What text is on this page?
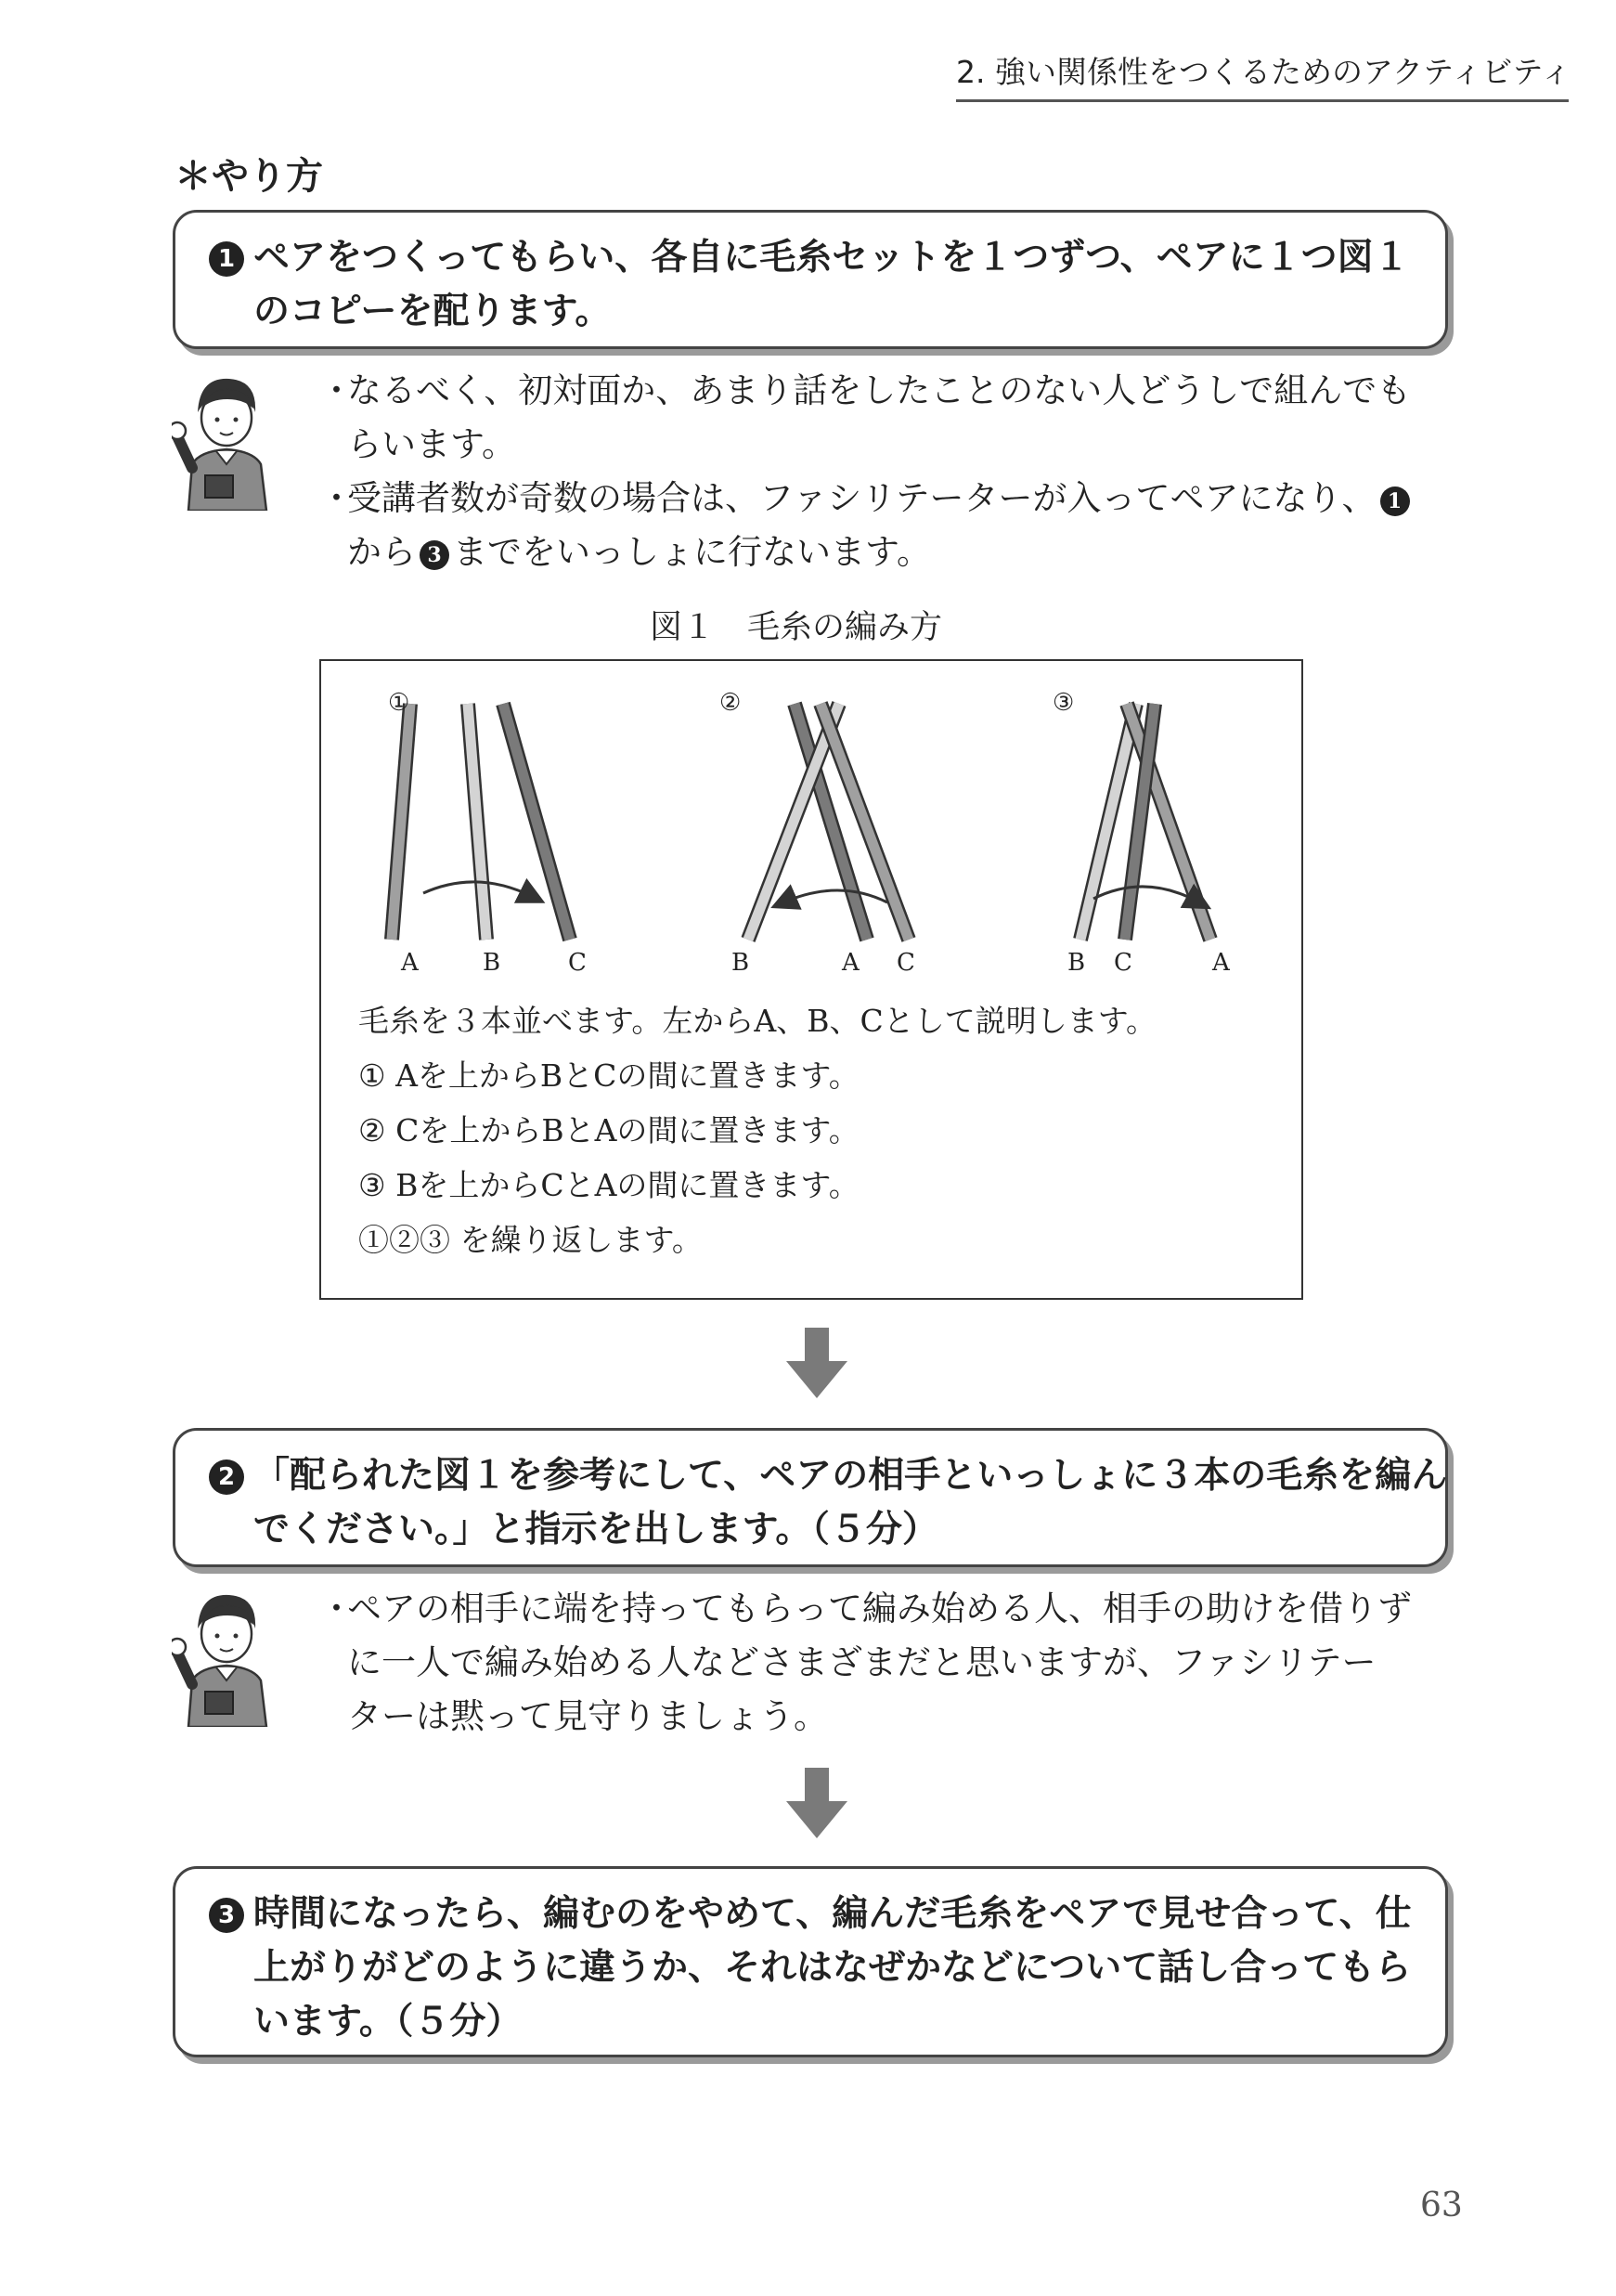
2. 強い関係性をつくるためのアクティビティ
＊やり方
1 ペアをつくってもらい、各自に毛糸セットを１つずつ、ペアに１つ図１
のコピーを配ります。
・なるべく、初対面か、あまり話をしたことのない人どうしで組んでも
らいます。
・受講者数が奇数の場合は、ファシリテーターが入ってペアになり、 1
から 3 までをいっしょに行ないます。
図１　毛糸の編み方
①	②	③
A	B	C	B	A C	B C	A
毛糸を３本並べます。左からA、B、Cとして説明します。
① Aを上からBとCの間に置きます。
② Cを上からBとAの間に置きます。
③ Bを上からCとAの間に置きます。
①②③ を繰り返します。
2 「配られた図１を参考にして、ペアの相手といっしょに３本の毛糸を編ん
でください。」と指示を出します。（５分）
・ペアの相手に端を持ってもらって編み始める人、相手の助けを借りず
に一人で編み始める人などさまざまだと思いますが、ファシリテー
ターは黙って見守りましょう。
3 時間になったら、編むのをやめて、編んだ毛糸をペアで見せ合って、仕
上がりがどのように違うか、それはなぜかなどについて話し合ってもら
います。（５分）
63
